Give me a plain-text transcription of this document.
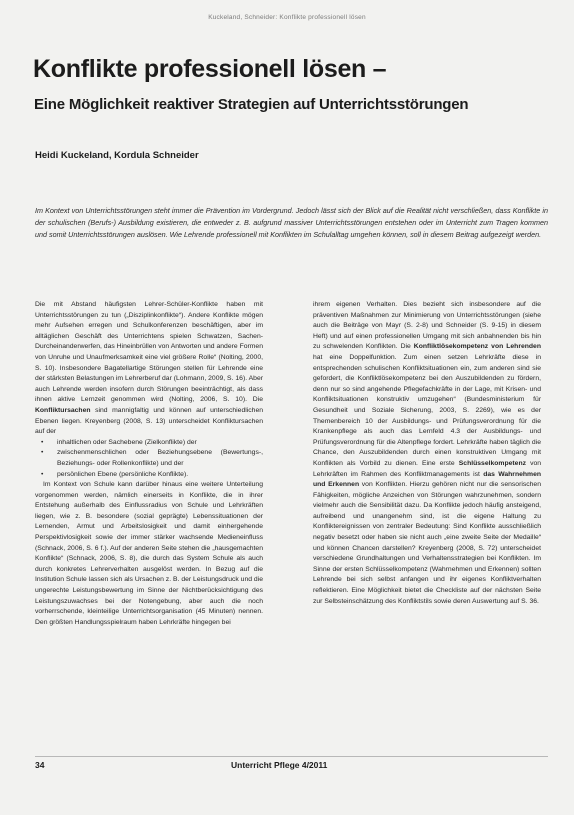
Kuckeland, Schneider: Konflikte professionell lösen
Konflikte professionell lösen –
Eine Möglichkeit reaktiver Strategien auf Unterrichtsstörungen
Heidi Kuckeland, Kordula Schneider
Im Kontext von Unterrichtsstörungen steht immer die Prävention im Vordergrund. Jedoch lässt sich der Blick auf die Realität nicht verschließen, dass Konflikte in der schulischen (Berufs-) Ausbildung existieren, die entweder z. B. aufgrund massiver Unterrichtsstörungen entstehen oder im Unterricht zum Tragen kommen und somit Unterrichtsstörungen auslösen. Wie Lehrende professionell mit Konflikten im Schulalltag umgehen können, soll in diesem Beitrag aufgezeigt werden.

Die mit Abstand häufigsten Lehrer-Schüler-Konflikte haben mit Unterrichtsstörungen zu tun („Disziplinkonflikte“). Andere Konflikte mögen mehr Aufsehen erregen und Schulkonferenzen beschäftigen, aber im alltäglichen Geschäft des Unterrichtens spielen Schwatzen, Sachen-Durcheinanderwerfen, das Hineinbrüllen von Antworten und andere Formen von Unruhe und Unaufmerksamkeit eine viel größere Rolle“ (Nolting, 2000, S. 10). Insbesondere Bagatellartige Störungen stellen für Lehrende eine der stärksten Belastungen im Lehrerberuf dar (Lohmann, 2009, S. 16). Aber auch Lehrende werden insofern durch Störungen beeinträchtigt, als dass ihnen aktive Lernzeit genommen wird (Nolting, 2006, S. 10). Die Konfliktursachen sind mannigfaltig und können auf unterschiedlichen Ebenen liegen. Kreyenberg (2008, S. 13) unterscheidet Konfliktursachen auf der

• inhaltlichen oder Sachebene (Zielkonflikte) der
• zwischenmenschlichen oder Beziehungsebene (Bewertungs-, Beziehungs- oder Rollenkonflikte) und der
• persönlichen Ebene (persönliche Konflikte).

Im Kontext von Schule kann darüber hinaus eine weitere Unterteilung vorgenommen werden, nämlich einerseits in Konflikte, die in ihrer Entstehung außerhalb des Einflussradius von Schule und Lehrkräften liegen, wie z. B. besondere (sozial geprägte) Lebenssituationen der Lernenden, Armut und Arbeitslosigkeit und damit einhergehende Perspektivlosigkeit sowie der immer stärker wachsende Medieneinfluss (Schnack, 2006, S. 6 f.). Auf der anderen Seite stehen die „hausgemachten Konflikte“ (Schnack, 2006, S. 8), die durch das System Schule als auch durch konkretes Lehrerverhalten ausgelöst werden. In Bezug auf die Institution Schule lassen sich als Ursachen z. B. der Leistungsdruck und die ungerechte Leistungsbewertung im Sinne der Nichtberücksichtigung des Leistungszuwachses bei der Notengebung, aber auch die noch vorherrschende, kleinteilige Unterrichtsorganisation (45 Minuten) nennen. Den größten Handlungsspielraum haben Lehrkräfte hingegen bei

ihrem eigenen Verhalten. Dies bezieht sich insbesondere auf die präventiven Maßnahmen zur Minimierung von Unterrichtsstörungen (siehe auch die Beiträge von Mayr (S. 2-8) und Schneider (S. 9-15) in diesem Heft) und auf einen professionellen Umgang mit sich anbahnenden bis hin zu schwelenden Konflikten. Die Konfliktlösekompetenz von Lehrenden hat eine Doppelfunktion. Zum einen setzen Lehrkräfte diese in entsprechenden schulischen Konfliktsituationen ein, zum anderen sind sie gefordert, die Konfliktlösekompetenz bei den Auszubildenden zu fördern, denn nur so sind angehende Pflegefachkräfte in der Lage, mit Krisen- und Konfliktsituationen konstruktiv umzugehen“ (Bundesministerium für Gesundheit und Soziale Sicherung, 2003, S. 2269), wie es der Themenbereich 10 der Ausbildungs- und Prüfungsverordnung für die Krankenpflege als auch das Lernfeld 4.3 der Ausbildungs- und Prüfungsverordnung für die Altenpflege fordert. Lehrkräfte haben täglich die Chance, den Auszubildenden durch einen konstruktiven Umgang mit Konflikten als Vorbild zu dienen. Eine erste Schlüsselkompetenz von Lehrkräften im Rahmen des Konfliktmanagements ist das Wahrnehmen und Erkennen von Konflikten. Hierzu gehören nicht nur die sensorischen Fähigkeiten, mögliche Anzeichen von Störungen wahrzunehmen, sondern vielmehr auch die Sensibilität dazu. Da Konflikte jedoch häufig ansteigend, aufreibend und unangenehm sind, ist die eigene Haltung zu Konfliktereignissen von zentraler Bedeutung: Sind Konflikte ausschließlich negativ besetzt oder haben sie nicht auch „eine zweite Seite der Medaille“ und können Chancen darstellen? Kreyenberg (2008, S. 72) unterscheidet verschiedene Grundhaltungen und Verhaltensstrategien bei Konflikten. Im Sinne der ersten Schlüsselkompetenz (Wahrnehmen und Erkennen) sollten Lehrende bei sich selbst anfangen und ihr eigenes Konfliktverhalten reflektieren. Eine Möglichkeit bietet die Checkliste auf der nächsten Seite zur Selbsteinschätzung des Konfliktstils sowie deren Auswertung auf S. 36.

34	Unterricht Pflege 4/2011
